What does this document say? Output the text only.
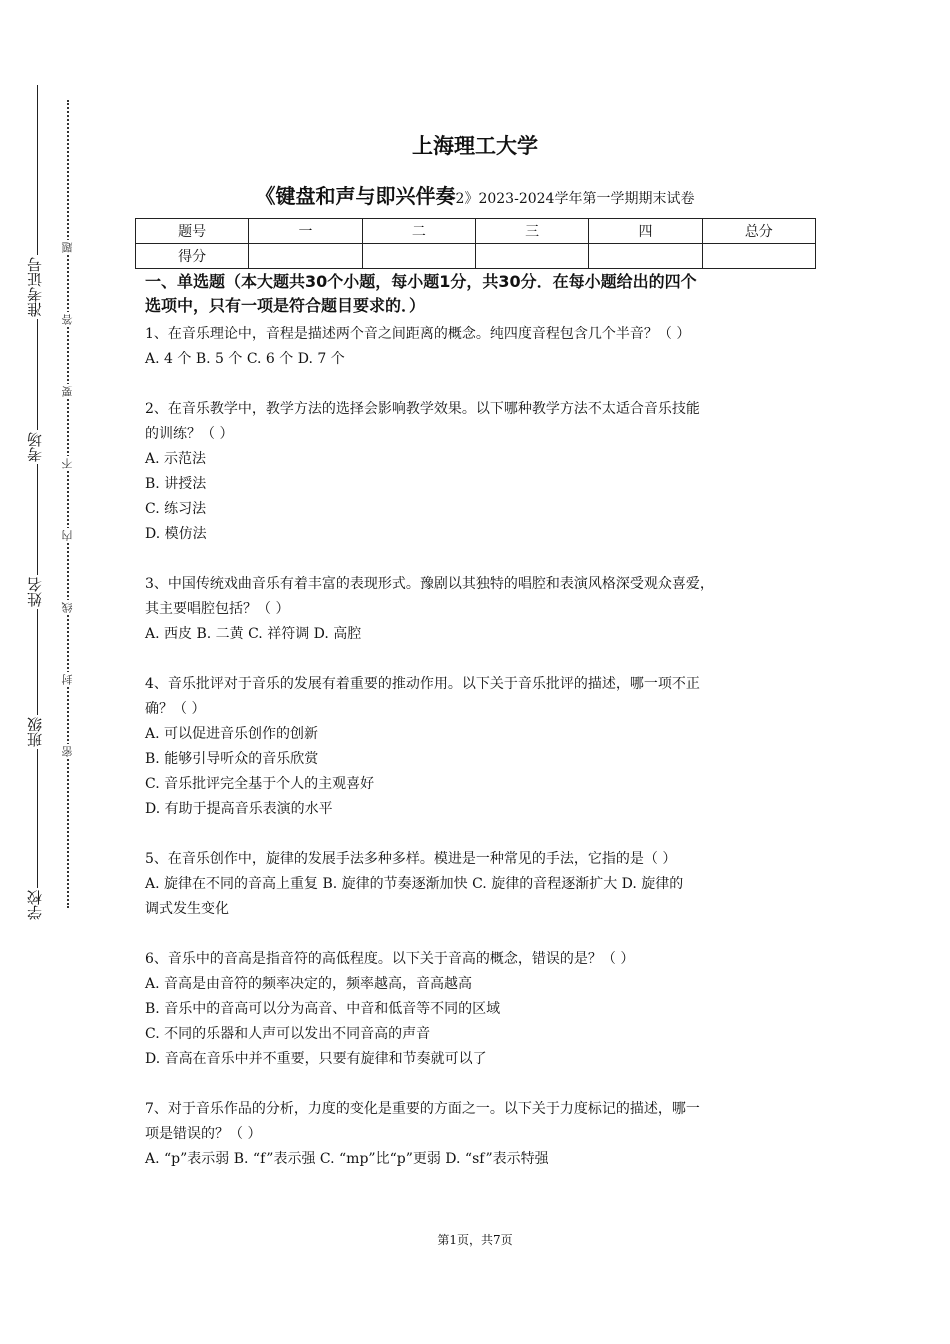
准考证号
考场
姓名
班级
学校
题
答
要
不
内
线
封
密
上海理工大学
《键盘和声与即兴伴奏2》2023-2024学年第一学期期末试卷
题号	一	二	三	四	总分
得分					
一、单选题（本大题共30个小题，每小题1分，共30分．在每小题给出的四个
选项中，只有一项是符合题目要求的．）

1、在音乐理论中，音程是描述两个音之间距离的概念。纯四度音程包含几个半音？（ ）

A. 4 个 B. 5 个 C. 6 个 D. 7 个

2、在音乐教学中，教学方法的选择会影响教学效果。以下哪种教学方法不太适合音乐技能

的训练？（ ）

A. 示范法

B. 讲授法

C. 练习法

D. 模仿法

3、中国传统戏曲音乐有着丰富的表现形式。豫剧以其独特的唱腔和表演风格深受观众喜爱，

其主要唱腔包括？（ ）

A. 西皮 B. 二黄 C. 祥符调 D. 高腔

4、音乐批评对于音乐的发展有着重要的推动作用。以下关于音乐批评的描述，哪一项不正

确？（ ）

A. 可以促进音乐创作的创新

B. 能够引导听众的音乐欣赏

C. 音乐批评完全基于个人的主观喜好

D. 有助于提高音乐表演的水平

5、在音乐创作中，旋律的发展手法多种多样。模进是一种常见的手法，它指的是（ ）

A. 旋律在不同的音高上重复 B. 旋律的节奏逐渐加快 C. 旋律的音程逐渐扩大 D. 旋律的

调式发生变化

6、音乐中的音高是指音符的高低程度。以下关于音高的概念，错误的是？（ ）

A. 音高是由音符的频率决定的，频率越高，音高越高

B. 音乐中的音高可以分为高音、中音和低音等不同的区域

C. 不同的乐器和人声可以发出不同音高的声音

D. 音高在音乐中并不重要，只要有旋律和节奏就可以了

7、对于音乐作品的分析，力度的变化是重要的方面之一。以下关于力度标记的描述，哪一

项是错误的？（ ）

A. “p”表示弱 B. “f”表示强 C. “mp”比“p”更弱 D. “sf”表示特强

第1页，共7页
